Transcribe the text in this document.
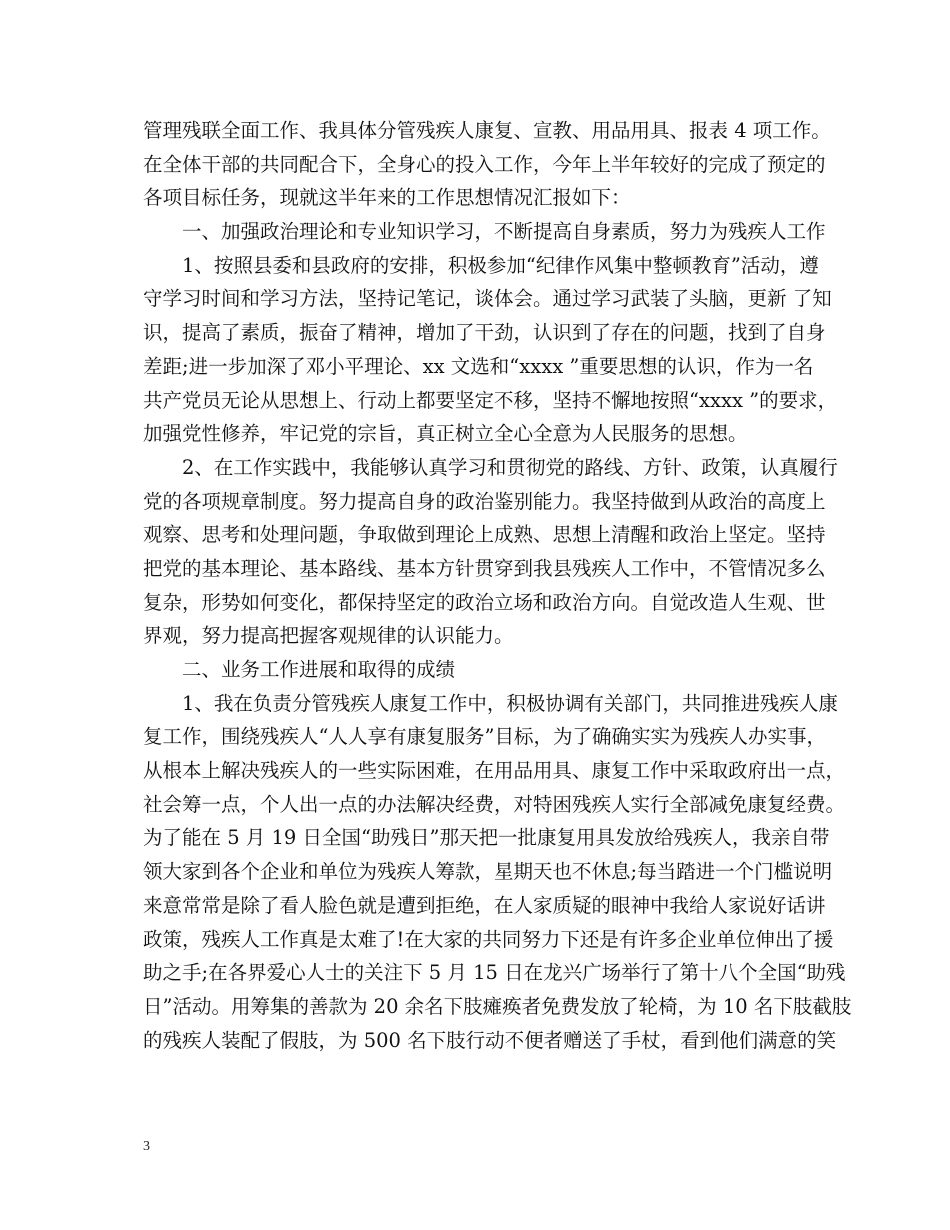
管理残联全面工作、我具体分管残疾人康复、宣教、用品用具、报表 4 项工作。

在全体干部的共同配合下，全身心的投入工作，今年上半年较好的完成了预定的

各项目标任务，现就这半年来的工作思想情况汇报如下：

一、加强政治理论和专业知识学习，不断提高自身素质，努力为残疾人工作

1、按照县委和县政府的安排，积极参加“纪律作风集中整顿教育”活动，遵

守学习时间和学习方法，坚持记笔记，谈体会。通过学习武装了头脑，更新 了知

识，提高了素质，振奋了精神，增加了干劲，认识到了存在的问题，找到了自身

差距;进一步加深了邓小平理论、xx 文选和“xxxx ”重要思想的认识，作为一名

共产党员无论从思想上、行动上都要坚定不移，坚持不懈地按照“xxxx ”的要求，

加强党性修养，牢记党的宗旨，真正树立全心全意为人民服务的思想。

2、在工作实践中，我能够认真学习和贯彻党的路线、方针、政策，认真履行

党的各项规章制度。努力提高自身的政治鉴别能力。我坚持做到从政治的高度上

观察、思考和处理问题，争取做到理论上成熟、思想上清醒和政治上坚定。坚持

把党的基本理论、基本路线、基本方针贯穿到我县残疾人工作中，不管情况多么

复杂，形势如何变化，都保持坚定的政治立场和政治方向。自觉改造人生观、世

界观，努力提高把握客观规律的认识能力。

二、业务工作进展和取得的成绩

1、我在负责分管残疾人康复工作中，积极协调有关部门，共同推进残疾人康

复工作，围绕残疾人“人人享有康复服务”目标，为了确确实实为残疾人办实事，

从根本上解决残疾人的一些实际困难，在用品用具、康复工作中采取政府出一点，

社会筹一点，个人出一点的办法解决经费，对特困残疾人实行全部减免康复经费。

为了能在 5 月 19 日全国“助残日”那天把一批康复用具发放给残疾人，我亲自带

领大家到各个企业和单位为残疾人筹款，星期天也不休息;每当踏进一个门槛说明

来意常常是除了看人脸色就是遭到拒绝，在人家质疑的眼神中我给人家说好话讲

政策，残疾人工作真是太难了!在大家的共同努力下还是有许多企业单位伸出了援

助之手;在各界爱心人士的关注下 5 月 15 日在龙兴广场举行了第十八个全国“助残

日”活动。用筹集的善款为 20 余名下肢瘫痪者免费发放了轮椅，为 10 名下肢截肢

的残疾人装配了假肢，为 500 名下肢行动不便者赠送了手杖，看到他们满意的笑

3
